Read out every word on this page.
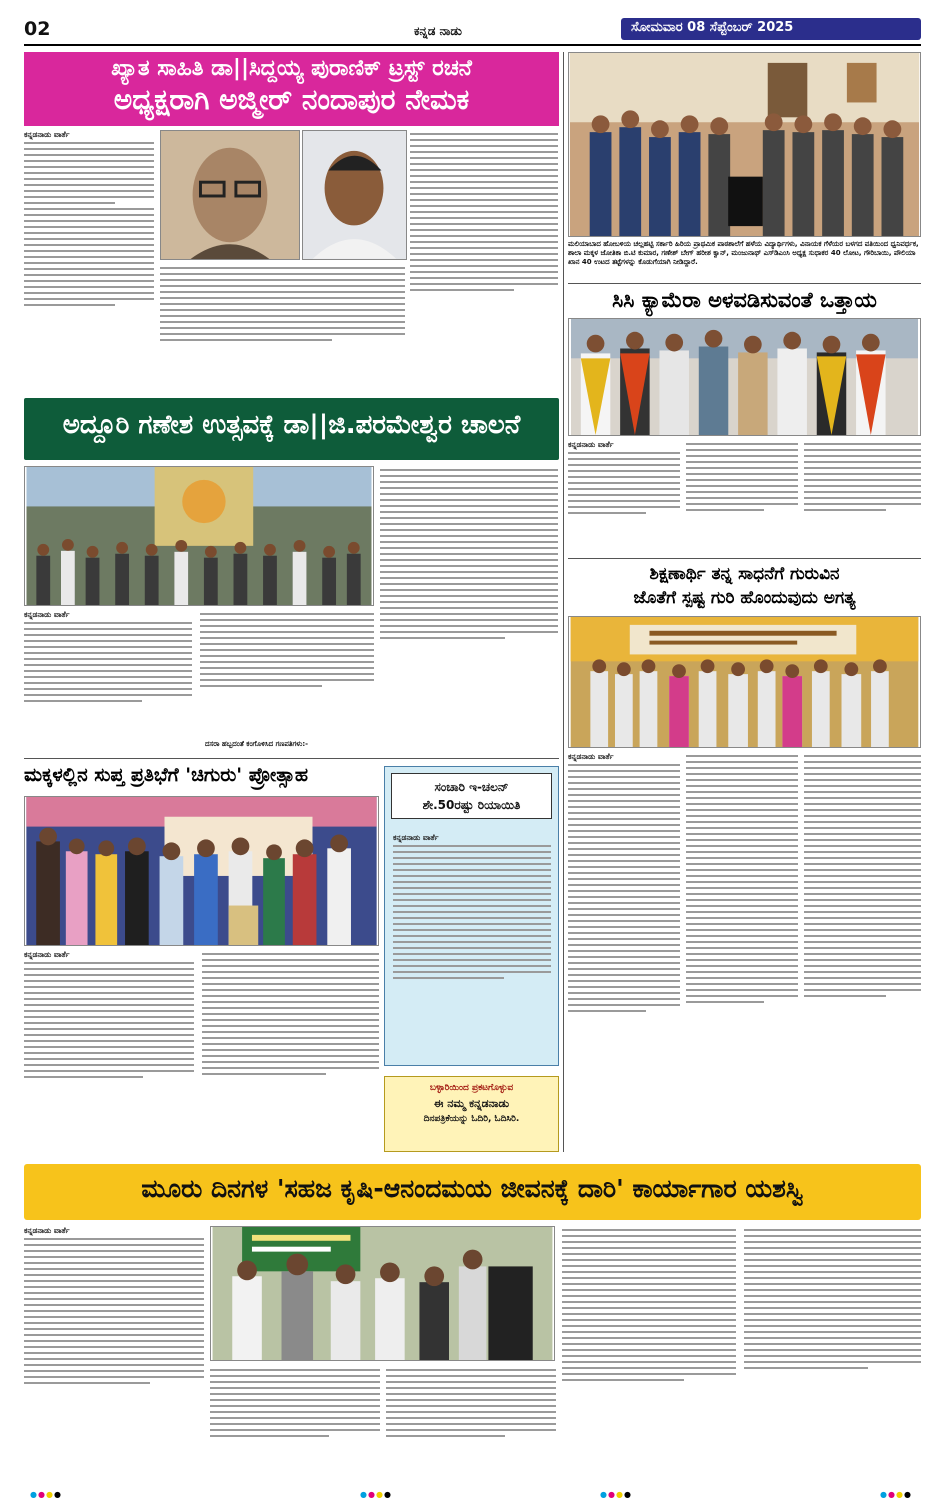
02	ಕನ್ನಡ ನಾಡು	ಸೋಮವಾರ 08 ಸೆಪ್ಟೆಂಬರ್ 2025
ಖ್ಯಾತ ಸಾಹಿತಿ ಡಾ||ಸಿದ್ದಯ್ಯ ಪುರಾಣಿಕ್ ಟ್ರಸ್ಟ್ ರಚನೆ
ಅಧ್ಯಕ್ಷರಾಗಿ ಅಜ್ಮೀರ್ ನಂದಾಪುರ ನೇಮಕ
ಕನ್ನಡನಾಡು ವಾರ್ತೆ
ಮಲಿಯಾಬಾದ ಹೋಬಳಿಯ ಚಲ್ಲಹಟ್ಟಿ ಸರ್ಕಾರಿ ಹಿರಿಯ ಪ್ರಾಥಮಿಕ ಪಾಠಶಾಲೆಗೆ ಹಳೆಯ ವಿದ್ಯಾರ್ಥಿಗಳು, ವಿನಾಯಕ ಗೆಳೆಯರ ಬಳಗದ ವತಿಯಿಂದ ಧ್ವನಿವರ್ಧಕ, ಶಾಲಾ ಮಕ್ಕಳ ಜೋತಿಕಾ ಬಿ.ಟಿ ಕುಮಾರ, ಗಣೇಶ್ ಬೇಗ್ ಹರೀಶ ಕ್ವಾನ್, ಮಂಜುನಾಥ್ ಎಸ್‌ಡಿಎಂಸಿ ಅಧ್ಯಕ್ಷ ಸುಧಾಕರ 40 ಲೋಟ, ಗೌರಿಬಾಯಿ, ಪೌಲಿಯಾ ಖಾನ 40 ಉಟದ ತಟ್ಟೆಗಳನ್ನು ಕೊಡುಗೆಯಾಗಿ ನೀಡಿದ್ದಾರೆ.
ಸಿಸಿ ಕ್ಯಾಮೆರಾ ಅಳವಡಿಸುವಂತೆ ಒತ್ತಾಯ
ಕನ್ನಡನಾಡು ವಾರ್ತೆ
ಶಿಕ್ಷಣಾರ್ಥಿ ತನ್ನ ಸಾಧನೆಗೆ ಗುರುವಿನ
ಜೊತೆಗೆ ಸ್ಪಷ್ಟ ಗುರಿ ಹೊಂದುವುದು ಅಗತ್ಯ
ಕನ್ನಡನಾಡು ವಾರ್ತೆ
ಅದ್ದೂರಿ ಗಣೇಶ ಉತ್ಸವಕ್ಕೆ ಡಾ||ಜಿ.ಪರಮೇಶ್ವರ ಚಾಲನೆ
ಕನ್ನಡನಾಡು ವಾರ್ತೆ
ದಸರಾ ಹಬ್ಬದಂತೆ ಕಂಗೊಳಿಸಿದ ಗಣಪತಿಗಳು:-
ಮಕ್ಕಳಲ್ಲಿನ ಸುಪ್ತ ಪ್ರತಿಭೆಗೆ 'ಚಿಗುರು' ಪ್ರೋತ್ಸಾಹ
ಕನ್ನಡನಾಡು ವಾರ್ತೆ
ಸಂಚಾರಿ ಇ-ಚಲನ್
ಶೇ.50ರಷ್ಟು ರಿಯಾಯಿತಿ
ಕನ್ನಡನಾಡು ವಾರ್ತೆ
ಬಳ್ಳಾರಿಯಿಂದ ಪ್ರಕಟಗೊಳ್ಳುವ
ಈ ನಮ್ಮ ಕನ್ನಡನಾಡು
ದಿನಪತ್ರಿಕೆಯನ್ನು ಓದಿರಿ, ಓದಿಸಿರಿ.
ಮೂರು ದಿನಗಳ 'ಸಹಜ ಕೃಷಿ-ಆನಂದಮಯ ಜೀವನಕ್ಕೆ ದಾರಿ' ಕಾರ್ಯಾಗಾರ ಯಶಸ್ವಿ
ಕನ್ನಡನಾಡು ವಾರ್ತೆ
●●●●	●●●●	●●●●	●●●●
